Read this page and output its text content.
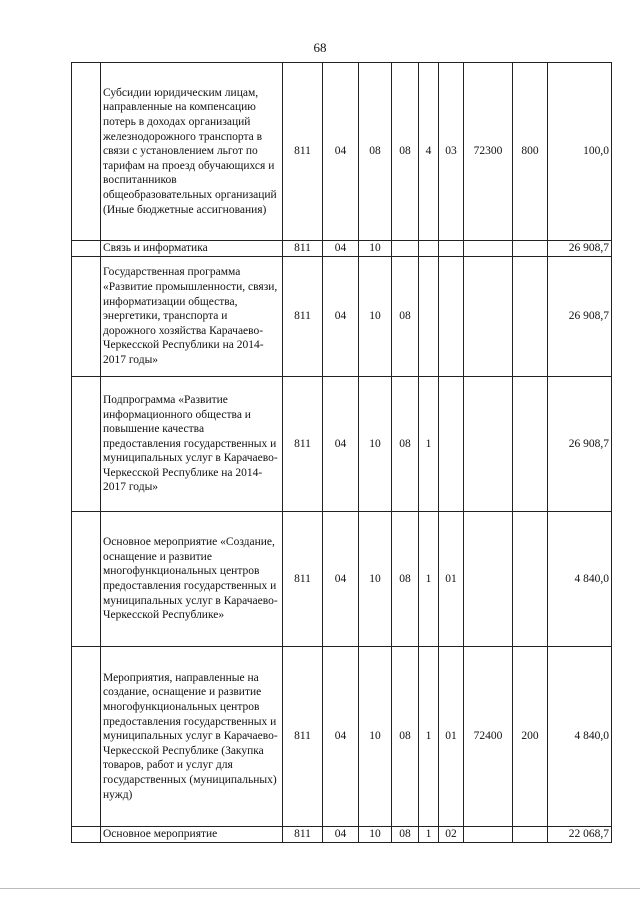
68
	Субсидии юридическим лицам, направленные на компенсацию потерь в доходах организаций железнодорожного транспорта в связи с установлением льгот по тарифам на проезд обучающихся и воспитанников общеобразовательных организаций (Иные бюджетные ассигнования)	811	04	08	08	4	03	72300	800	100,0
	Связь и информатика	811	04	10						26 908,7
	Государственная программа «Развитие промышленности, связи, информатизации общества, энергетики, транспорта и дорожного хозяйства Карачаево-Черкесской Республики на 2014-2017 годы»	811	04	10	08					26 908,7
	Подпрограмма «Развитие информационного общества и повышение качества предоставления государственных и муниципальных услуг в Карачаево-Черкесской Республике на 2014-2017 годы»	811	04	10	08	1				26 908,7
	Основное мероприятие «Создание, оснащение и развитие многофункциональных центров предоставления государственных и муниципальных услуг в Карачаево-Черкесской Республике»	811	04	10	08	1	01			4 840,0
	Мероприятия, направленные на создание, оснащение и развитие многофункциональных центров предоставления государственных и муниципальных услуг в Карачаево-Черкесской Республике (Закупка товаров, работ и услуг для государственных (муниципальных) нужд)	811	04	10	08	1	01	72400	200	4 840,0
	Основное мероприятие	811	04	10	08	1	02			22 068,7
